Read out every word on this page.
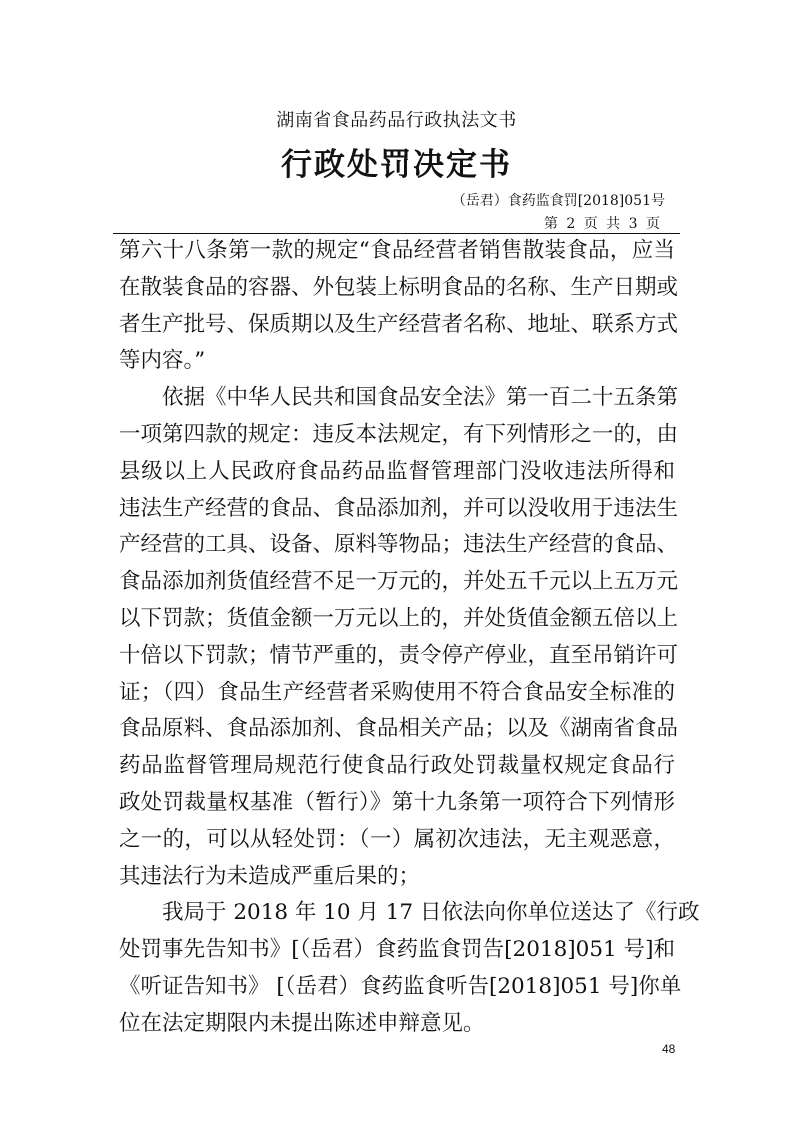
湖南省食品药品行政执法文书
行政处罚决定书
（岳君）食药监食罚[2018]051号
第 2 页 共 3 页
第六十八条第一款的规定“食品经营者销售散装食品，应当
在散装食品的容器、外包装上标明食品的名称、生产日期或
者生产批号、保质期以及生产经营者名称、地址、联系方式
等内容。”
依据《中华人民共和国食品安全法》第一百二十五条第
一项第四款的规定：违反本法规定，有下列情形之一的，由
县级以上人民政府食品药品监督管理部门没收违法所得和
违法生产经营的食品、食品添加剂，并可以没收用于违法生
产经营的工具、设备、原料等物品；违法生产经营的食品、
食品添加剂货值经营不足一万元的，并处五千元以上五万元
以下罚款；货值金额一万元以上的，并处货值金额五倍以上
十倍以下罚款；情节严重的，责令停产停业，直至吊销许可
证；（四）食品生产经营者采购使用不符合食品安全标准的
食品原料、食品添加剂、食品相关产品；以及《湖南省食品
药品监督管理局规范行使食品行政处罚裁量权规定食品行
政处罚裁量权基准（暂行）》第十九条第一项符合下列情形
之一的，可以从轻处罚：（一）属初次违法，无主观恶意，
其违法行为未造成严重后果的；
我局于 2018 年 10 月 17 日依法向你单位送达了《行政
处罚事先告知书》[（岳君）食药监食罚告[2018]051 号]和
《听证告知书》 [（岳君）食药监食听告[2018]051 号]你单
位在法定期限内未提出陈述申辩意见。
48
